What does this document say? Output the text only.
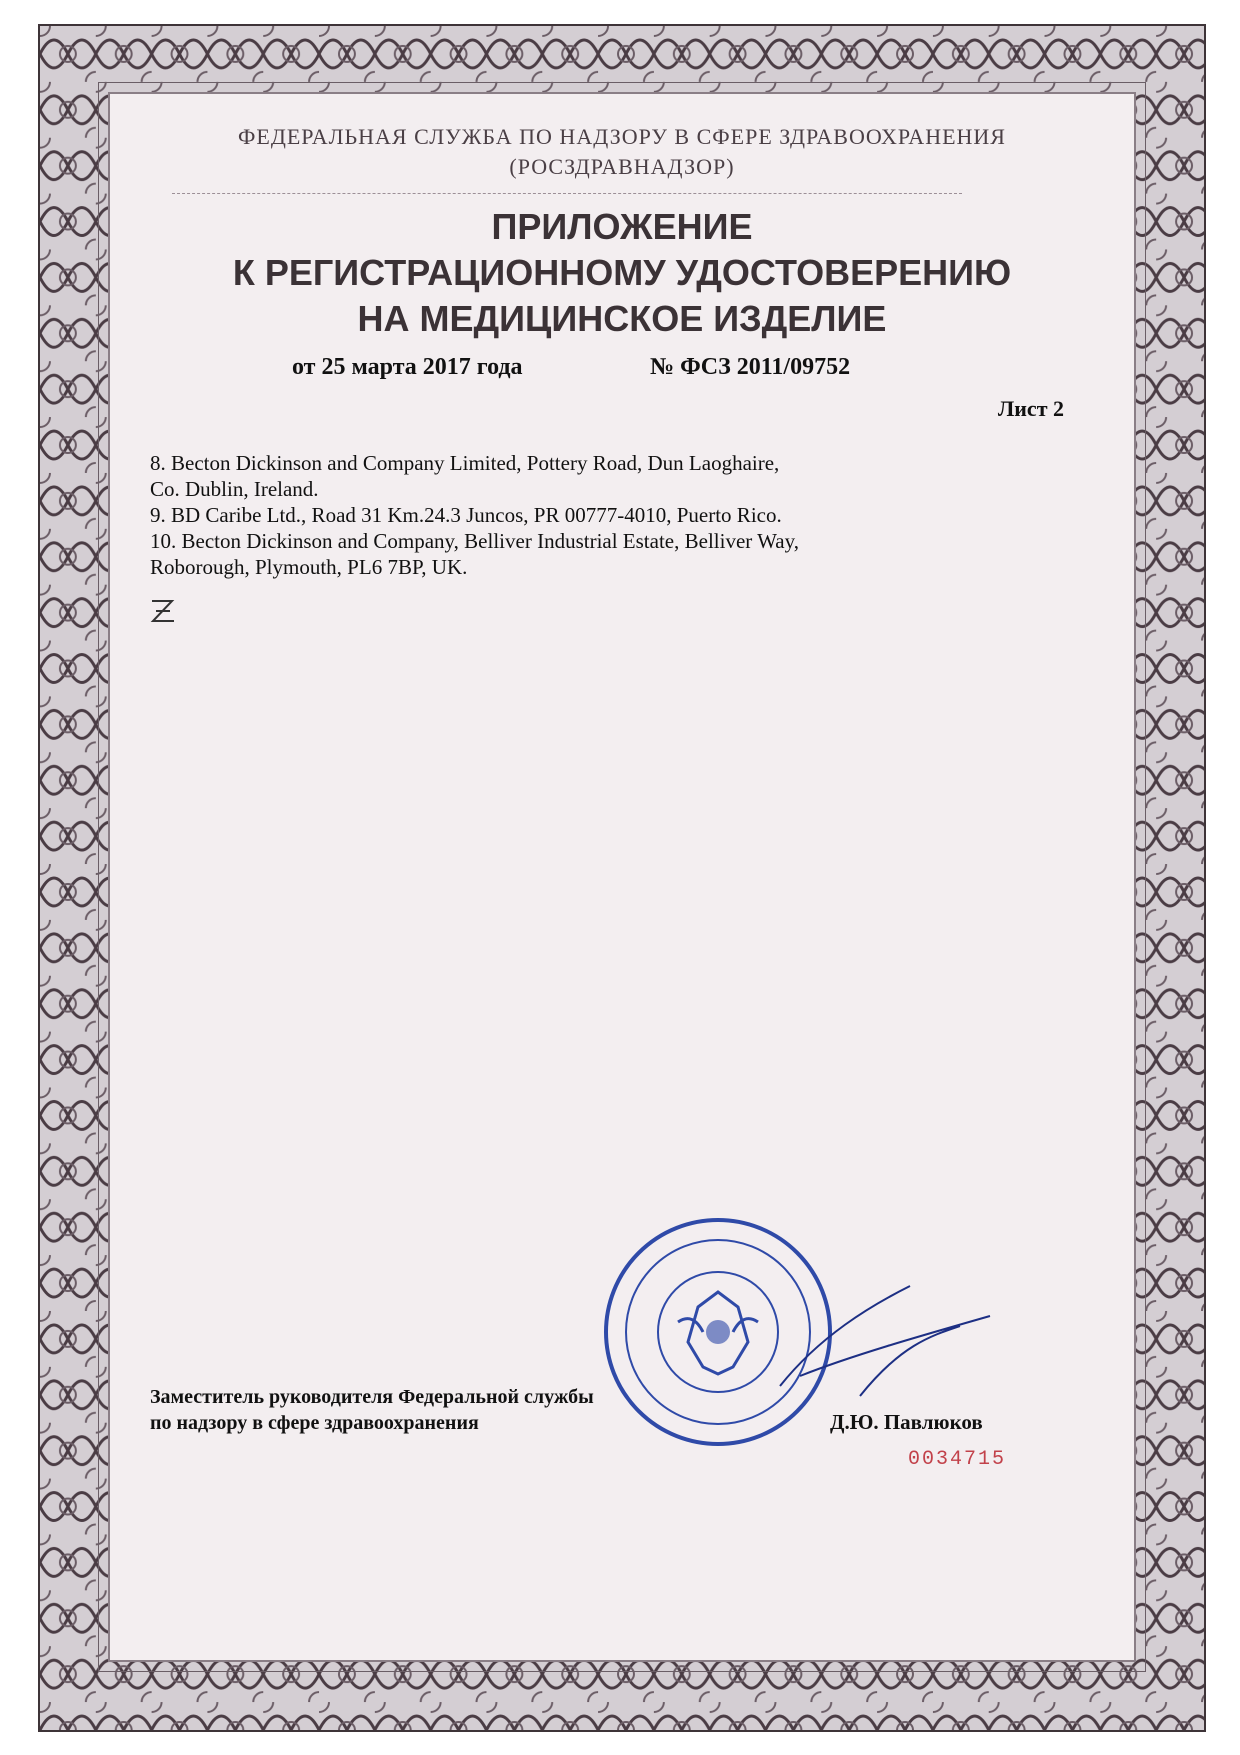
ФЕДЕРАЛЬНАЯ СЛУЖБА ПО НАДЗОРУ В СФЕРЕ ЗДРАВООХРАНЕНИЯ
(РОСЗДРАВНАДЗОР)
ПРИЛОЖЕНИЕ
К РЕГИСТРАЦИОННОМУ УДОСТОВЕРЕНИЮ
НА МЕДИЦИНСКОЕ ИЗДЕЛИЕ
от 25 марта 2017 года	№ ФСЗ 2011/09752
Лист 2
8. Becton Dickinson and Company Limited, Pottery Road, Dun Laoghaire,
Co. Dublin, Ireland.
9. BD Caribe Ltd., Road 31 Km.24.3 Juncos, PR 00777-4010, Puerto Rico.
10. Becton Dickinson and Company, Belliver Industrial Estate, Belliver Way,
Roborough, Plymouth, PL6 7BP, UK.
Заместитель руководителя Федеральной службы
по надзору в сфере здравоохранения	Д.Ю. Павлюков
0034715
